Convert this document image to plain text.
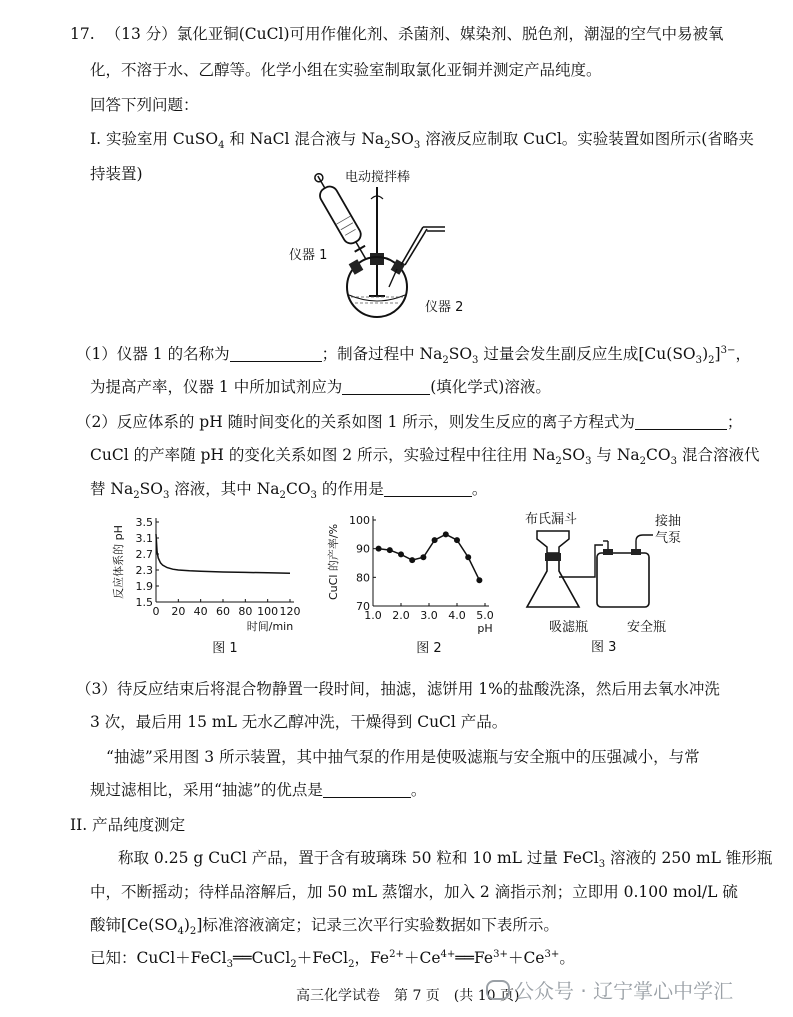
17. （13 分）氯化亚铜(CuCl)可用作催化剂、杀菌剂、媒染剂、脱色剂，潮湿的空气中易被氧
化，不溶于水、乙醇等。化学小组在实验室制取氯化亚铜并测定产品纯度。
回答下列问题：
I. 实验室用 CuSO$_4$ 和 NaCl 混合液与 $Na_2SO_3$ 溶液反应制取 CuCl。实验装置如图所示(省略夹
持装置)	电动搅拌棒
仪器 1
仪器 2
（1）仪器 1 的名称为	；制备过程中 $Na_2SO_3$ 过量会发生副反应生成$[Cu(SO_3)_2]^{3-}$，
为提高产率，仪器 1 中所加试剂应为	(填化学式)溶液。
（2）反应体系的 pH 随时间变化的关系如图 1 所示，则发生反应的离子方程式为	；
CuCl 的产率随 pH 的变化关系如图 2 所示，实验过程中往往用 $Na_2SO_3$ 与 $Na_2CO_3$ 混合溶液代
替 $Na_2SO_3$ 溶液，其中 $Na_2CO_3$ 的作用是	。
1.5
1.9
2.3
2.7
3.1
3.5
0 20 40 60 80 100 120
时间/min
反应体系的 pH
图 1
70
80
90
100
1.0 2.0 3.0 4.0 5.0
pH
CuCl 的产率/%
图 2
布氏漏斗	接抽
气泵
吸滤瓶	安全瓶
图 3
（3）待反应结束后将混合物静置一段时间，抽滤，滤饼用 1%的盐酸洗涤，然后用去氧水冲洗
3 次，最后用 15 mL 无水乙醇冲洗，干燥得到 CuCl 产品。
“抽滤”采用图 3 所示装置，其中抽气泵的作用是使吸滤瓶与安全瓶中的压强减小，与常
规过滤相比，采用“抽滤”的优点是	。
II. 产品纯度测定
称取 0.25 g CuCl 产品，置于含有玻璃珠 50 粒和 10 mL 过量 FeCl$_3$ 溶液的 250 mL 锥形瓶
中，不断摇动；待样品溶解后，加 50 mL 蒸馏水，加入 2 滴指示剂；立即用 0.100 mol/L 硫
酸铈$[Ce(SO_4)_2]$标准溶液滴定；记录三次平行实验数据如下表所示。
已知：CuCl＋FeCl$_3$══CuCl$_2$＋FeCl$_2$，$Fe^{2+}+Ce^{4+}══Fe^{3+}+Ce^{3+}$。
高三化学试卷　第 7 页　(共 10 页)
公众号 · 辽宁掌心中学汇
